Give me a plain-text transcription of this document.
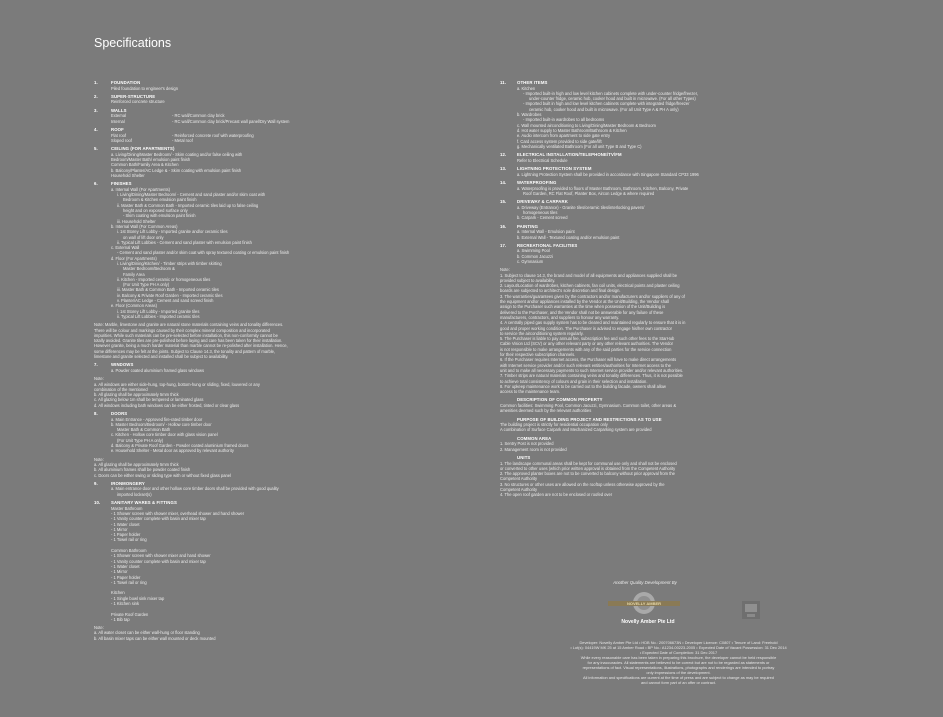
Specifications
1.	FOUNDATION
Piled foundation to engineer's design
2.	SUPER-STRUCTURE
Reinforced concrete structure
3.	WALLS
External	- RC wall/Common clay brick
Internal	- RC wall/Common clay brick/Precast wall panel/Dry Wall system
4.	ROOF
Flat roof	- Reinforced concrete roof with waterproofing
Sloped roof	- Metal roof
5.	CEILING (FOR APARTMENTS)
a. Living/Dining/Master Bedroom/ - Skim coating and/or false ceiling with
Bedroom/Master Bath/ emulsion paint finish
Common Bath/Family Area & Kitchen
b. Balcony/Planter/AC Ledge & - Skim coating with emulsion paint finish
Household Shelter
6.	FINISHES
a. Internal Wall (For Apartments)
i. Living/Dining/Master Bedroom/ - Cement and sand plaster and/or skim coat with
Bedroom & Kitchen emulsion paint finish
ii. Master Bath & Common Bath - Imported ceramic tiles laid up to false ceiling
height and on exposed surface only
- Skim coating with emulsion paint finish
iii. Household Shelter
b. Internal Wall (For Common Areas)
i. 1st Storey Lift Lobby - Imported granite and/or ceramic tiles
on wall of lift door only
ii. Typical Lift Lobbies - Cement and sand plaster with emulsion paint finish
c. External Wall
- Cement and sand plaster and/or skim coat with spray textured coating or emulsion paint finish
d. Floor (For Apartments)
i. Living/Dining/Kitchen/ - Timber strips with timber skirting
Master Bedroom/Bedroom &
Family Area
ii. Kitchen - Imported ceramic or homogeneous tiles
(For Unit Type PH A only)
iii. Master Bath & Common Bath - Imported ceramic tiles
iv. Balcony & Private Roof Garden - Imported ceramic tiles
v. Planter/AC Ledge - Cement and sand screed finish
e. Floor (Common Areas)
i. 1st Storey Lift Lobby - Imported granite tiles
ii. Typical Lift Lobbies - Imported ceramic tiles
Note: Marble, limestone and granite are natural stone materials containing veins and tonality differences.
There will be colour and markings caused by their complex mineral composition and incorporated
impurities. While such materials can be pre-selected before installation, this non-conformity cannot be
totally avoided. Granite tiles are pre-polished before laying and care has been taken for their installation.
However granite, being a much harder material than marble cannot be re-polished after installation. Hence,
some differences may be felt at the joints. Subject to Clause 14.3, the tonality and pattern of marble,
limestone and granite selected and installed shall be subject to availability.
7.	WINDOWS
a. Powder coated aluminium framed glass windows
Note:
a. All windows are either side-hung, top-hung, bottom-hung or sliding, fixed, louvered or any
combination of the mentioned
b. All glazing shall be approximately 5mm thick
c. All glazing below 1m shall be tempered or laminated glass
d. All windows including bath windows can be either frosted, tinted or clear glass
8.	DOORS
a. Main Entrance - Approved fire-rated timber door
b. Master Bedroom/Bedroom/ - Hollow core timber door
Master Bath & Common Bath
c. Kitchen - Hollow core timber door with glass vision panel
(For Unit Type PH A only)
d. Balcony & Private Roof Garden - Powder coated aluminium framed doors
e. Household Shelter - Metal door as approved by relevant authority
Note:
a. All glazing shall be approximately 5mm thick
b. All aluminium frames shall be powder coated finish
c. Doors can be either swing or sliding type with or without fixed glass panel
9.	IRONMONGERY
a. Main entrance door and other hollow core timber doors shall be provided with good quality
imported lockset(s)
10.	SANITARY WARES & FITTINGS
Master Bathroom
- 1 Shower screen with shower mixer, overhead shower and hand shower
- 1 Vanity counter complete with basin and mixer tap
- 1 Water closet
- 1 Mirror
- 1 Paper holder
- 1 Towel rail or ring

Common Bathroom
- 1 Shower screen with shower mixer and hand shower
- 1 Vanity counter complete with basin and mixer tap
- 1 Water closet
- 1 Mirror
- 1 Paper holder
- 1 Towel rail or ring

Kitchen
- 1 Single bowl sink mixer tap
- 1 Kitchen sink

Private Roof Garden
- 1 Bib tap
Note:
a. All water closet can be either wall-hung or floor standing
b. All basin mixer taps can be either wall mounted or deck mounted
11.	OTHER ITEMS
a. Kitchen
- Imported built-in high and low level kitchen cabinets complete with under-counter fridge/freezer,
under-counter fridge, ceramic hob, cooker hood and built in microwave. (For all other Types)
- Imported built in high and low level kitchen cabinets complete with integrated fridge/freezer
ceramic hob, cooker hood and built in microwave. (For all Unit Type A & PH A only)
b. Wardrobes
- Imported built-in wardrobes to all bedrooms
c. Wall mounted airconditioning to Living/Dining/Master Bedroom & Bedroom
d. Hot water supply to Master Bathroom/Bathroom & Kitchen
e. Audio intercom from apartment to side gate entry
f. Card access system provided to side gate/lift
g. Mechanically ventilated Bathroom (For all unit Type B and Type C)
12.	ELECTRICAL INSTALLATION/TELEPHONE/TV/FM
Refer to Electrical Schedule
13.	LIGHTNING PROTECTION SYSTEM
a. Lightning Protection System shall be provided in accordance with Singapore Standard CP33 1996
14.	WATERPROOFING
a. Waterproofing is provided to floors of Master Bathroom, Bathroom, Kitchen, Balcony, Private
Roof Garden, RC Flat Roof, Planter Box, Aircon Ledge & where required
15.	DRIVEWAY & CARPARK
a. Driveway (Entrance) - Granite tiles/ceramic tiles/interlocking pavers/
homogeneous tiles
b. Carpark - Cement screed
16.	PAINTING
a. Internal Wall - Emulsion paint
b. External Wall - Textured coating and/or emulsion paint
17.	RECREATIONAL FACILITIES
a. Swimming Pool
b. Common Jacuzzi
c. Gymnasium
Note:
1. Subject to clause 14.3, the brand and model of all equipments and appliances supplied shall be
provided subject to availability.
2. Layout/Location of wardrobes, kitchen cabinets, fan coil units, electrical points and plaster ceiling
boards are subjected to architect's sole discretion and final design.
3. The warranties/guarantees given by the contractors and/or manufacturers and/or suppliers of any of
the equipment and/or appliances installed by the Vendor at the Unit/Building, the Vendor shall
assign to the Purchaser such warranties at the time when possession of the Unit/Building is
delivered to the Purchaser, and the Vendor shall not be answerable for any failure of these
manufacturers, contractors, and suppliers to honour any warranty.
4. A centrally piped gas supply system has to be cleared and maintained regularly to ensure that it is in
good and proper working condition. The Purchaser is advised to engage his/her own contractor
to service the airconditioning system regularly.
5. The Purchaser is liable to pay annual fee, subscription fee and such other fees to the StarHub
Cable Vision Ltd (SCV) or any other relevant party or any other relevant authorities. The Vendor
is not responsible to make arrangements with any of the said parties for the service connection
for their respective subscription channels.
6. If the Purchaser requires Internet access, the Purchaser will have to make direct arrangements
with Internet service provider and/or such relevant entities/authorities for Internet access to the
unit and to make all necessary payments to such Internet service provider and/or relevant authorities.
7. Timber strips are natural materials containing veins and tonality differences. Thus, it is not possible
to achieve total consistency of colours and grain in their selection and installation.
8. For upkeep maintenance work to be carried out to the building facade, owners shall allow
access to the maintenance team.
DESCRIPTION OF COMMON PROPERTY
Common facilities: Swimming Pool, Common Jacuzzi, Gymnasium. Common toilet, other areas &
amenities deemed such by the relevant authorities
PURPOSE OF BUILDING PROJECT AND RESTRICTIONS AS TO USE
The building project is strictly for residential occupation only
A combination of Surface Carpark and Mechanized Carparking system are provided
COMMON AREA
1. Sentry Post is not provided
2. Management room is not provided
UNITS
1. The landscape communal areas shall be kept for communal use only and shall not be enclosed
or converted to other uses (which prior written approval is obtained from the Competent Authority
2. The approved planter boxes are not to be converted to balcony without prior approval from the
Competent Authority
3. No structures or other uses are allowed on the rooftop unless otherwise approved by the
Competent Authority
4. The open roof garden are not to be enclosed or roofed over
Another Quality Development By
NOVELLY AMBER
Novelly Amber Pte Ltd
Developer: Novelly Amber Pte Ltd • HDB No.: 200706673N • Developer Licence: C0807 • Tenure of Land: Freehold
• Lot(s): 04419W MK 25 at 15 Amber Road • BP No.: A1234-00223-2005 • Expected Date of Vacant Possession: 31 Dec 2014
• Expected Date of Completion: 31 Dec 2017
While every reasonable care has been taken in preparing this brochure, the developer cannot be held responsible
for any inaccuracies. All statements are believed to be correct but are not to be regarded as statements or
representations of fact. Visual representations, illustrations, photographs and renderings are intended to portray
only impressions of the development.
All information and specifications are current at the time of press and are subject to change as may be required
and cannot form part of an offer or contract.
